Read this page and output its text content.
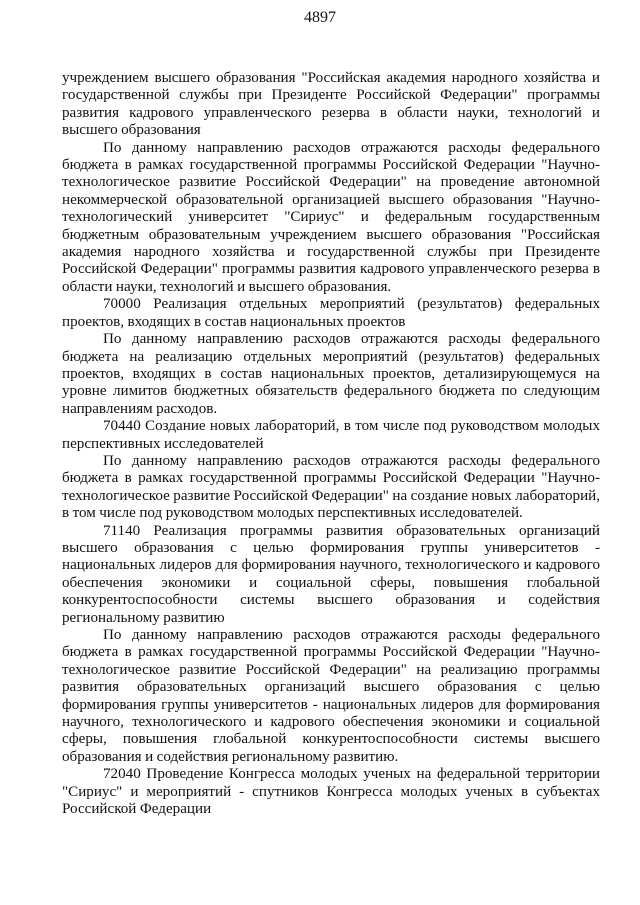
4897

учреждением высшего образования "Российская академия народного хозяйства и государственной службы при Президенте Российской Федерации" программы развития кадрового управленческого резерва в области науки, технологий и высшего образования

По данному направлению расходов отражаются расходы федерального бюджета в рамках государственной программы Российской Федерации "Научно-технологическое развитие Российской Федерации" на проведение автономной некоммерческой образовательной организацией высшего образования "Научно-технологический университет "Сириус" и федеральным государственным бюджетным образовательным учреждением высшего образования "Российская академия народного хозяйства и государственной службы при Президенте Российской Федерации" программы развития кадрового управленческого резерва в области науки, технологий и высшего образования.

70000 Реализация отдельных мероприятий (результатов) федеральных проектов, входящих в состав национальных проектов

По данному направлению расходов отражаются расходы федерального бюджета на реализацию отдельных мероприятий (результатов) федеральных проектов, входящих в состав национальных проектов, детализирующемуся на уровне лимитов бюджетных обязательств федерального бюджета по следующим направлениям расходов.

70440 Создание новых лабораторий, в том числе под руководством молодых перспективных исследователей

По данному направлению расходов отражаются расходы федерального бюджета в рамках государственной программы Российской Федерации "Научно-технологическое развитие Российской Федерации" на создание новых лабораторий, в том числе под руководством молодых перспективных исследователей.

71140 Реализация программы развития образовательных организаций высшего образования с целью формирования группы университетов - национальных лидеров для формирования научного, технологического и кадрового обеспечения экономики и социальной сферы, повышения глобальной конкурентоспособности системы высшего образования и содействия региональному развитию

По данному направлению расходов отражаются расходы федерального бюджета в рамках государственной программы Российской Федерации "Научно-технологическое развитие Российской Федерации" на реализацию программы развития образовательных организаций высшего образования с целью формирования группы университетов - национальных лидеров для формирования научного, технологического и кадрового обеспечения экономики и социальной сферы, повышения глобальной конкурентоспособности системы высшего образования и содействия региональному развитию.

72040 Проведение Конгресса молодых ученых на федеральной территории "Сириус" и мероприятий - спутников Конгресса молодых ученых в субъектах Российской Федерации
